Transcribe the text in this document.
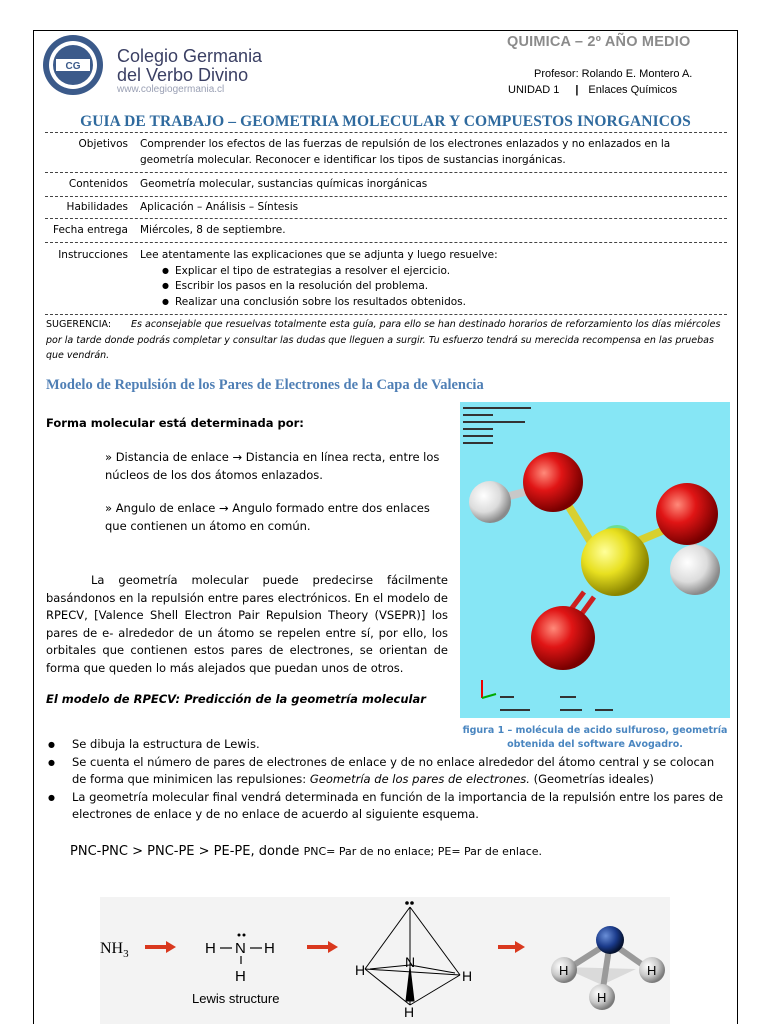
CG
Colegio Germania
del Verbo Divino
www.colegiogermania.cl
QUIMICA – 2º AÑO MEDIO
Profesor: Rolando E. Montero A.
UNIDAD 1 | Enlaces Químicos
GUIA DE TRABAJO – GEOMETRIA MOLECULAR Y COMPUESTOS INORGANICOS
Objetivos Comprender los efectos de las fuerzas de repulsión de los electrones enlazados y no enlazados en la geometría molecular. Reconocer e identificar los tipos de sustancias inorgánicas.
Contenidos Geometría molecular, sustancias químicas inorgánicas
Habilidades Aplicación – Análisis – Síntesis
Fecha entrega Miércoles, 8 de septiembre.
Instrucciones Lee atentamente las explicaciones que se adjunta y luego resuelve:
● Explicar el tipo de estrategias a resolver el ejercicio.
● Escribir los pasos en la resolución del problema.
● Realizar una conclusión sobre los resultados obtenidos.
SUGERENCIA: Es aconsejable que resuelvas totalmente esta guía, para ello se han destinado horarios de reforzamiento los días miércoles por la tarde donde podrás completar y consultar las dudas que lleguen a surgir. Tu esfuerzo tendrá su merecida recompensa en las pruebas que vendrán.
Modelo de Repulsión de los Pares de Electrones de la Capa de Valencia
Forma molecular está determinada por:
» Distancia de enlace → Distancia en línea recta, entre los núcleos de los dos átomos enlazados.
» Angulo de enlace → Angulo formado entre dos enlaces que contienen un átomo en común.
La geometría molecular puede predecirse fácilmente basándonos en la repulsión entre pares electrónicos. En el modelo de RPECV, [Valence Shell Electron Pair Repulsion Theory (VSEPR)] los pares de e- alrededor de un átomo se repelen entre sí, por ello, los orbitales que contienen estos pares de electrones, se orientan de forma que queden lo más alejados que puedan unos de otros.
El modelo de RPECV: Predicción de la geometría molecular
figura 1 – molécula de acido sulfuroso, geometría obtenida del software Avogadro.
● Se dibuja la estructura de Lewis.
● Se cuenta el número de pares de electrones de enlace y de no enlace alrededor del átomo central y se colocan de forma que minimicen las repulsiones: Geometría de los pares de electrones. (Geometrías ideales)
● La geometría molecular final vendrá determinada en función de la importancia de la repulsión entre los pares de electrones de enlace y de no enlace de acuerdo al siguiente esquema.
PNC-PNC > PNC-PE > PE-PE, donde PNC= Par de no enlace; PE= Par de enlace.
$NH_3$	H N H
H
Lewis structure
N
H	H
H
H	H
H
